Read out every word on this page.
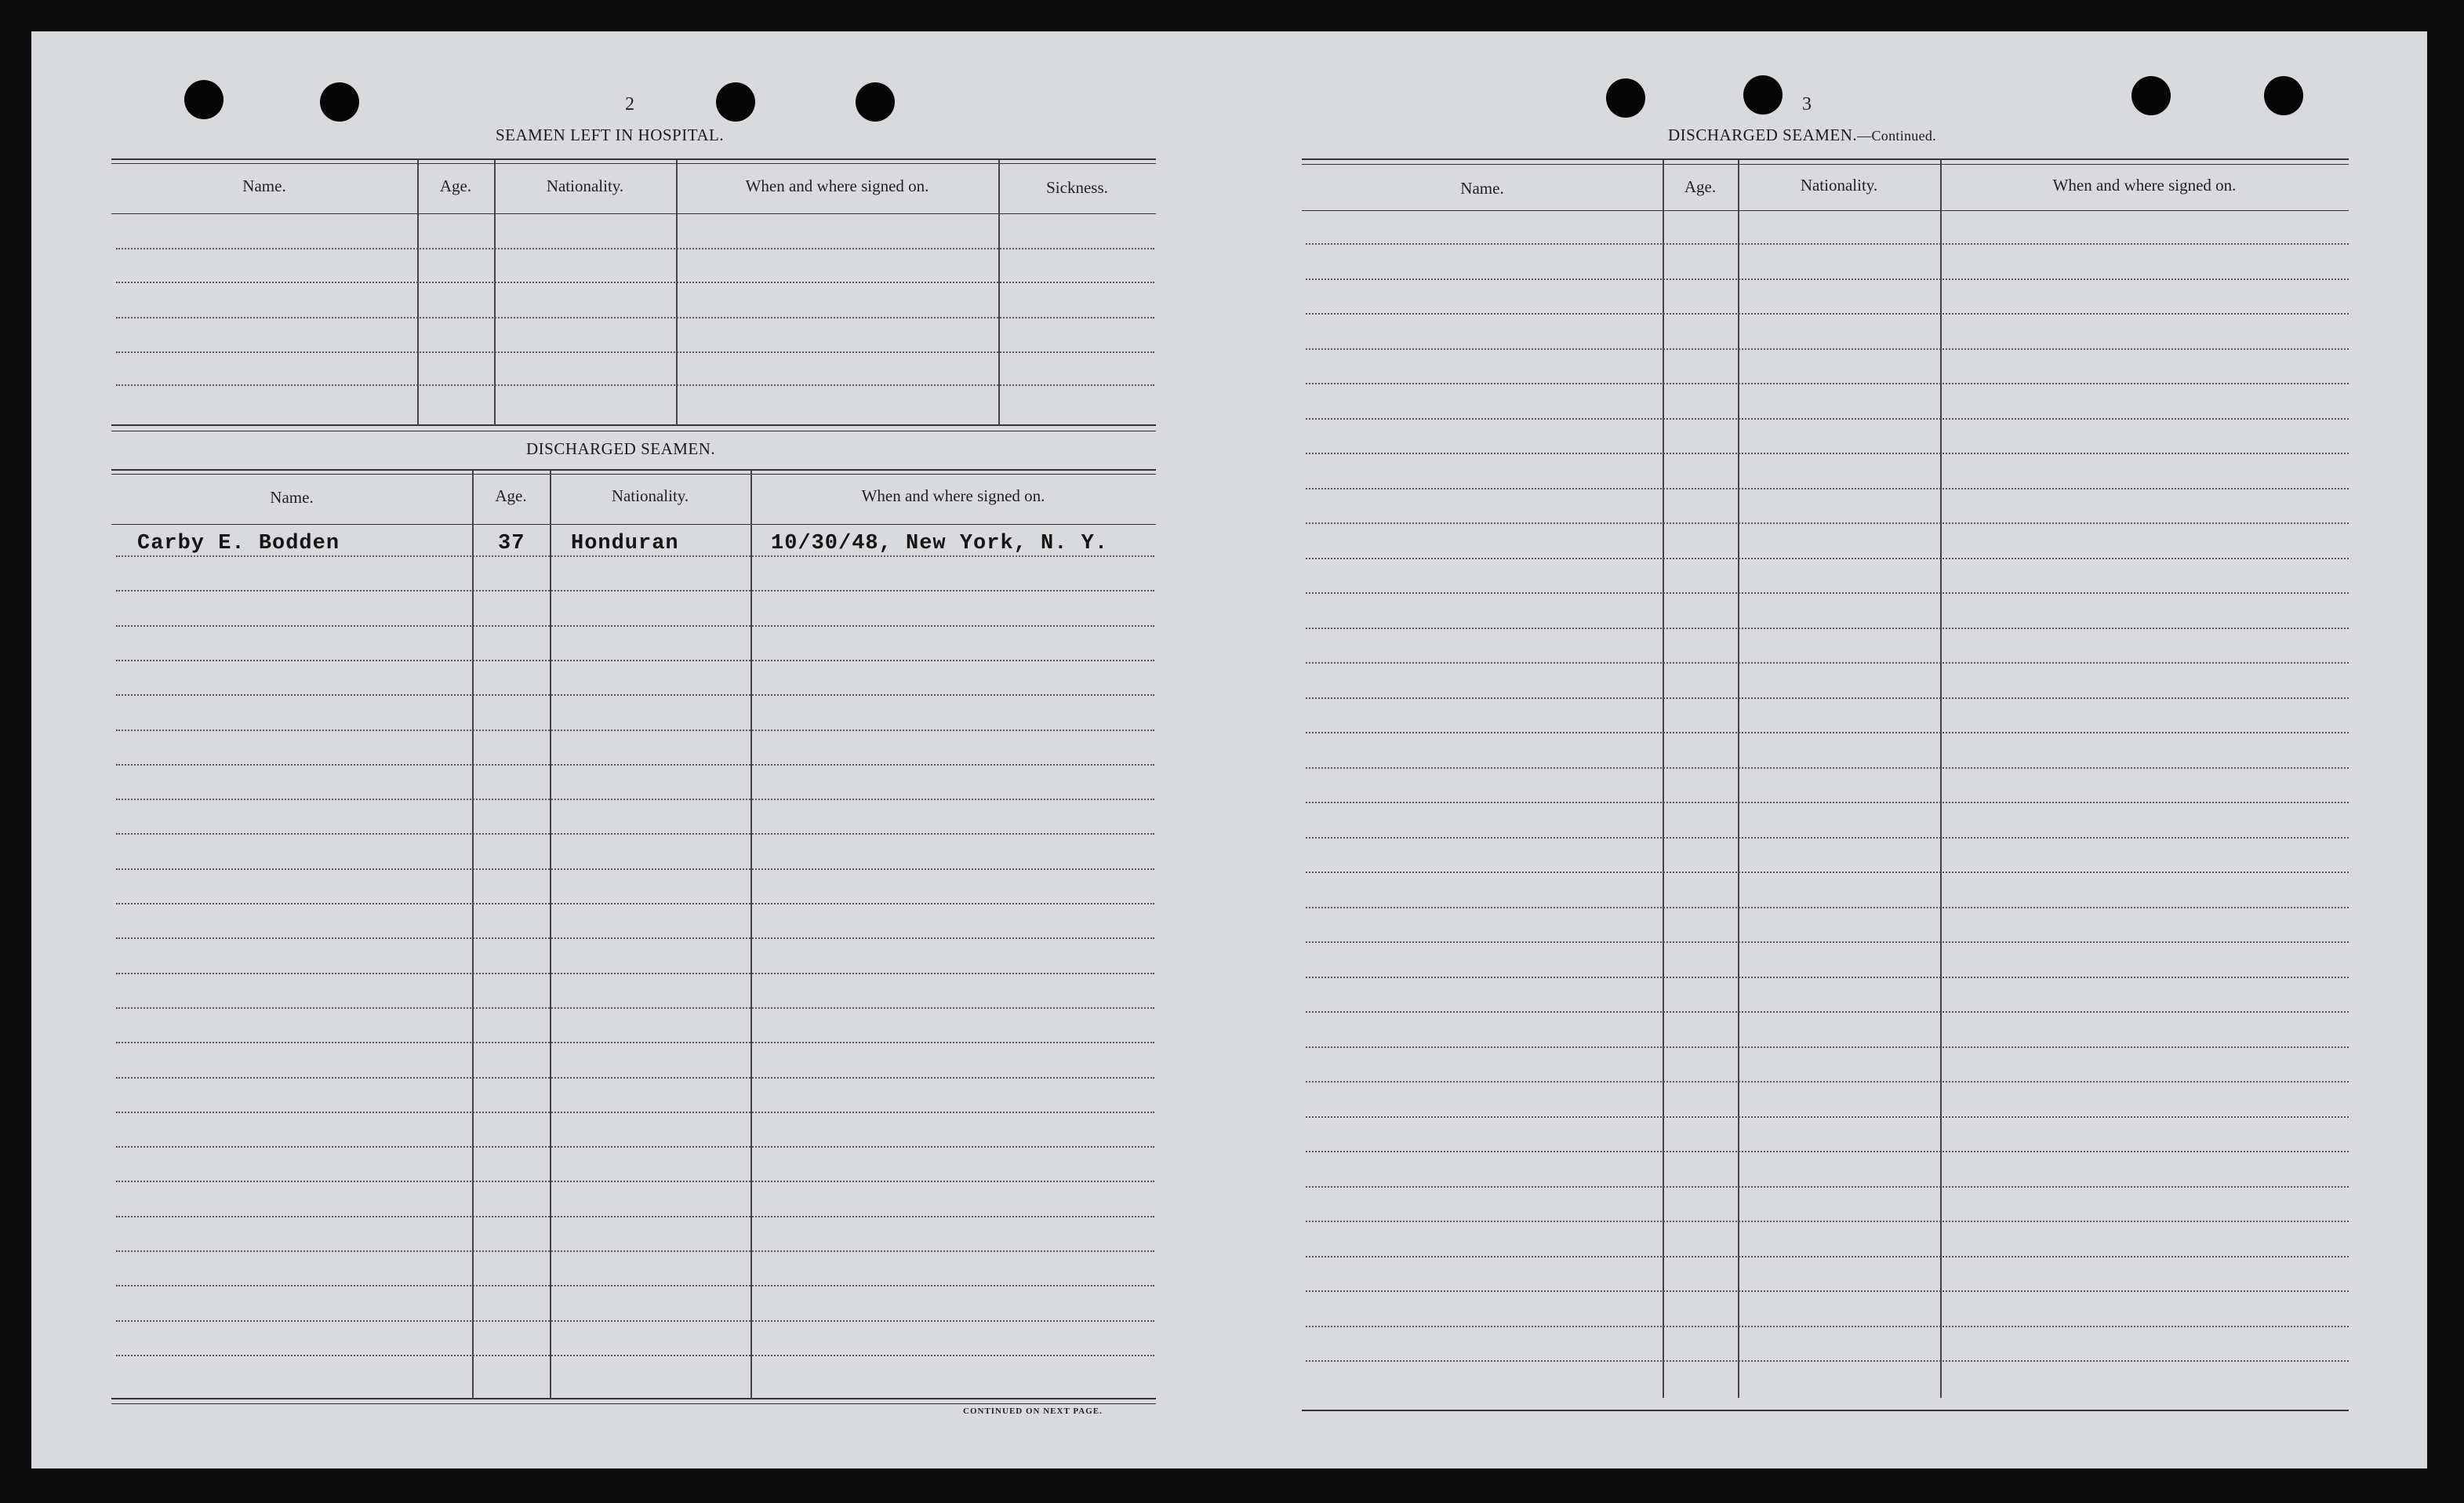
2
SEAMEN LEFT IN HOSPITAL.
Name.	Age.	Nationality.	When and where signed on.	Sickness.
DISCHARGED SEAMEN.
Name.	Age.	Nationality.	When and where signed on.
Carby E. Bodden	37 Honduran	10/30/48, New York, N. Y.
CONTINUED ON NEXT PAGE.
3
DISCHARGED SEAMEN.—Continued.
Name.	Age.	Nationality.	When and where signed on.
